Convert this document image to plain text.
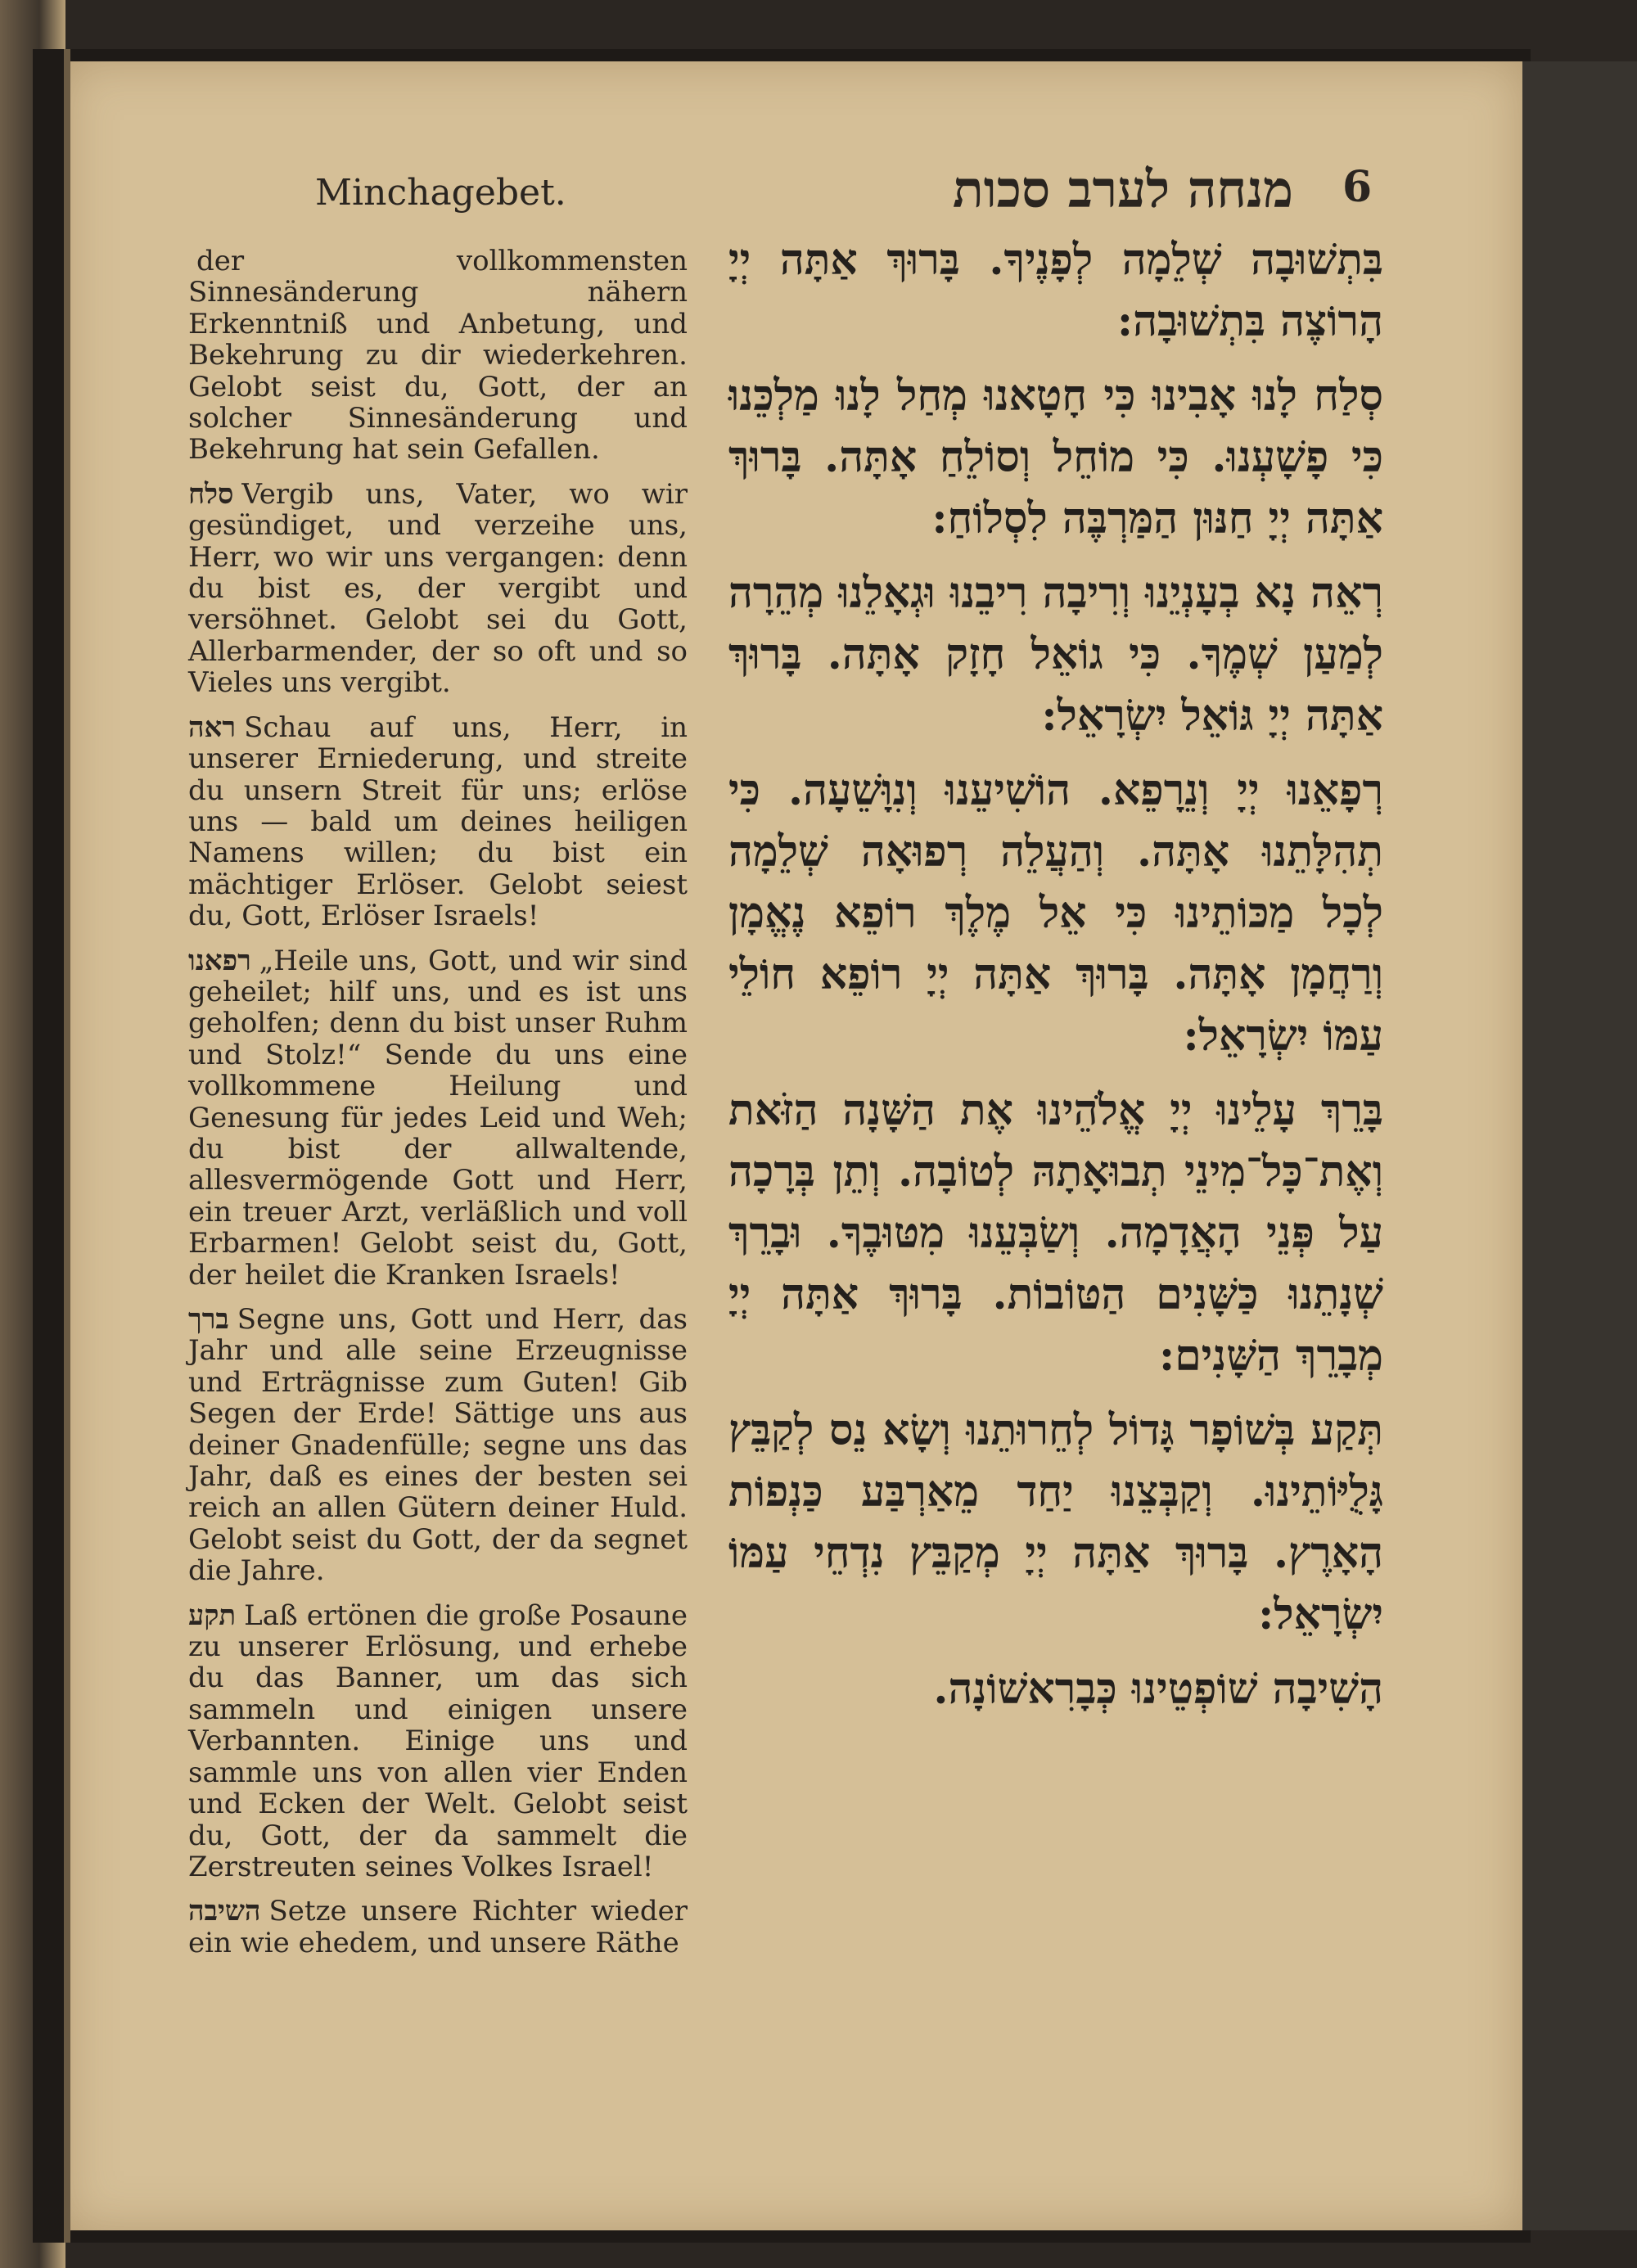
Minchagebet.	מנחה לערב סכות 6

der vollkommensten Sinnesänderung nähern Erkenntniß und Anbetung, und Bekehrung zu dir wiederkehren. Gelobt seist du, Gott, der an solcher Sinnesänderung und Bekehrung hat sein Gefallen.

סלח Vergib uns, Vater, wo wir gesündiget, und verzeihe uns, Herr, wo wir uns vergangen: denn du bist es, der vergibt und versöhnet. Gelobt sei du Gott, Allerbarmender, der so oft und so Vieles uns vergibt.

ראה Schau auf uns, Herr, in unserer Erniederung, und streite du unsern Streit für uns; erlöse uns — bald um deines heiligen Namens willen; du bist ein mächtiger Erlöser. Gelobt seiest du, Gott, Erlöser Israels!

רפאנו „Heile uns, Gott, und wir sind geheilet; hilf uns, und es ist uns geholfen; denn du bist unser Ruhm und Stolz!“ Sende du uns eine vollkommene Heilung und Genesung für jedes Leid und Weh; du bist der allwaltende, allesvermögende Gott und Herr, ein treuer Arzt, verläßlich und voll Erbarmen! Gelobt seist du, Gott, der heilet die Kranken Israels!

ברך Segne uns, Gott und Herr, das Jahr und alle seine Erzeugnisse und Erträgnisse zum Guten! Gib Segen der Erde! Sättige uns aus deiner Gnadenfülle; segne uns das Jahr, daß es eines der besten sei reich an allen Gütern deiner Huld. Gelobt seist du Gott, der da segnet die Jahre.

תקע Laß ertönen die große Posaune zu unserer Erlösung, und erhebe du das Banner, um das sich sammeln und einigen unsere Verbannten. Einige uns und sammle uns von allen vier Enden und Ecken der Welt. Gelobt seist du, Gott, der da sammelt die Zerstreuten seines Volkes Israel!

השיבה Setze unsere Richter wieder ein wie ehedem, und unsere Räthe

בִּתְשׁוּבָה שְׁלֵמָה לְפָנֶיךָ. בָּרוּךְ אַתָּה יְיָ הָרוֹצֶה בִּתְשׁוּבָה:

סְלַח לָנוּ אָבִינוּ כִּי חָטָאנוּ מְחַל לָנוּ מַלְכֵּנוּ כִּי פָשָׁעְנוּ. כִּי מוֹחֵל וְסוֹלֵחַ אָתָּה. בָּרוּךְ אַתָּה יְיָ חַנּוּן הַמַּרְבֶּה לִסְלוֹחַ:

רְאֵה נָא בְעָנְיֵנוּ וְרִיבָה רִיבֵנוּ וּגְאָלֵנוּ מְהֵרָה לְמַעַן שְׁמֶךָ. כִּי גוֹאֵל חָזָק אָתָּה. בָּרוּךְ אַתָּה יְיָ גּוֹאֵל יִשְׂרָאֵל:

רְפָאֵנוּ יְיָ וְנֵרָפֵא. הוֹשִׁיעֵנוּ וְנִוָּשֵׁעָה. כִּי תְהִלָּתֵנוּ אָתָּה. וְהַעֲלֵה רְפוּאָה שְׁלֵמָה לְכָל מַכּוֹתֵינוּ כִּי אֵל מֶלֶךְ רוֹפֵא נֶאֱמָן וְרַחֲמָן אָתָּה. בָּרוּךְ אַתָּה יְיָ רוֹפֵא חוֹלֵי עַמּוֹ יִשְׂרָאֵל:

בָּרֵךְ עָלֵינוּ יְיָ אֱלֹהֵינוּ אֶת הַשָּׁנָה הַזֹּאת וְאֶת־כָּל־מִינֵי תְבוּאָתָהּ לְטוֹבָה. וְתֵן בְּרָכָה עַל פְּנֵי הָאֲדָמָה. וְשַׂבְּעֵנוּ מִטּוּבֶךָ. וּבָרֵךְ שְׁנָתֵנוּ כַּשָּׁנִים הַטּוֹבוֹת. בָּרוּךְ אַתָּה יְיָ מְבָרֵךְ הַשָּׁנִים:

תְּקַע בְּשׁוֹפָר גָּדוֹל לְחֵרוּתֵנוּ וְשָׂא נֵס לְקַבֵּץ גָּלֻיּוֹתֵינוּ. וְקַבְּצֵנוּ יַחַד מֵאַרְבַּע כַּנְפוֹת הָאָרֶץ. בָּרוּךְ אַתָּה יְיָ מְקַבֵּץ נִדְחֵי עַמּוֹ יִשְׂרָאֵל:

הָשִׁיבָה שׁוֹפְטֵינוּ כְּבָרִאשׁוֹנָה.
